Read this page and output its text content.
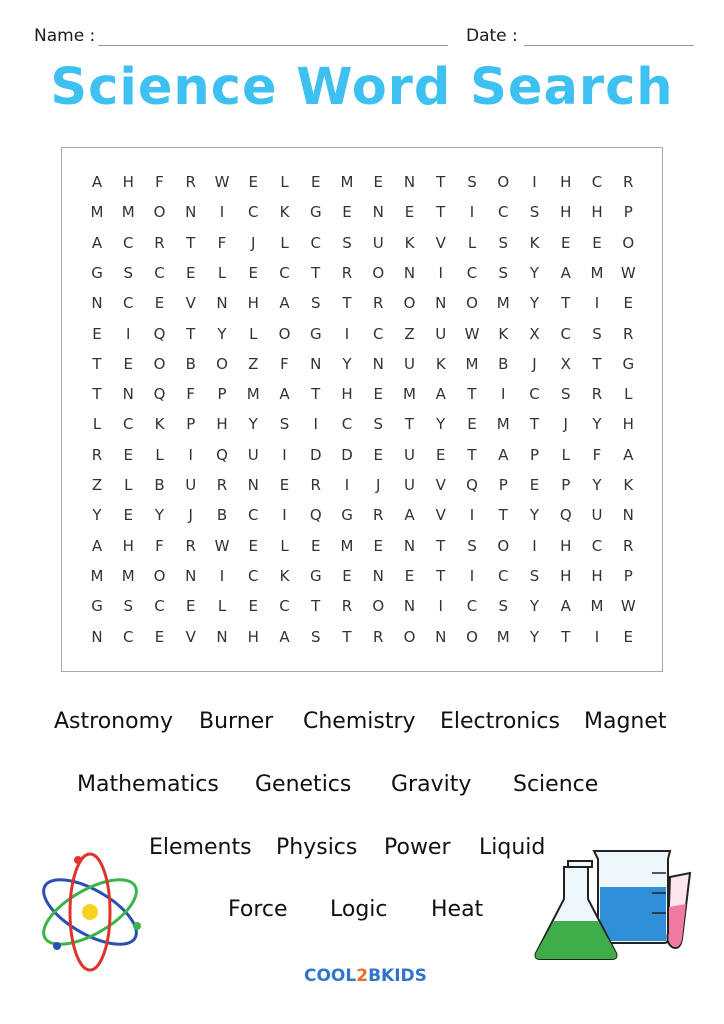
Name :	Date :
Science Word Search
A	H	F	R	W	E	L	E	M	E	N	T	S	O	I	H	C	R
M	M	O	N	I	C	K	G	E	N	E	T	I	C	S	H	H	P
A	C	R	T	F	J	L	C	S	U	K	V	L	S	K	E	E	O
G	S	C	E	L	E	C	T	R	O	N	I	C	S	Y	A	M	W
N	C	E	V	N	H	A	S	T	R	O	N	O	M	Y	T	I	E
E	I	Q	T	Y	L	O	G	I	C	Z	U	W	K	X	C	S	R
T	E	O	B	O	Z	F	N	Y	N	U	K	M	B	J	X	T	G
T	N	Q	F	P	M	A	T	H	E	M	A	T	I	C	S	R	L
L	C	K	P	H	Y	S	I	C	S	T	Y	E	M	T	J	Y	H
R	E	L	I	Q	U	I	D	D	E	U	E	T	A	P	L	F	A
Z	L	B	U	R	N	E	R	I	J	U	V	Q	P	E	P	Y	K
Y	E	Y	J	B	C	I	Q	G	R	A	V	I	T	Y	Q	U	N
A	H	F	R	W	E	L	E	M	E	N	T	S	O	I	H	C	R
M	M	O	N	I	C	K	G	E	N	E	T	I	C	S	H	H	P
G	S	C	E	L	E	C	T	R	O	N	I	C	S	Y	A	M	W
N	C	E	V	N	H	A	S	T	R	O	N	O	M	Y	T	I	E
Astronomy Burner Chemistry Electronics Magnet
Mathematics Genetics Gravity Science
Elements Physics Power Liquid
Force Logic Heat
COOL2BKIDS
